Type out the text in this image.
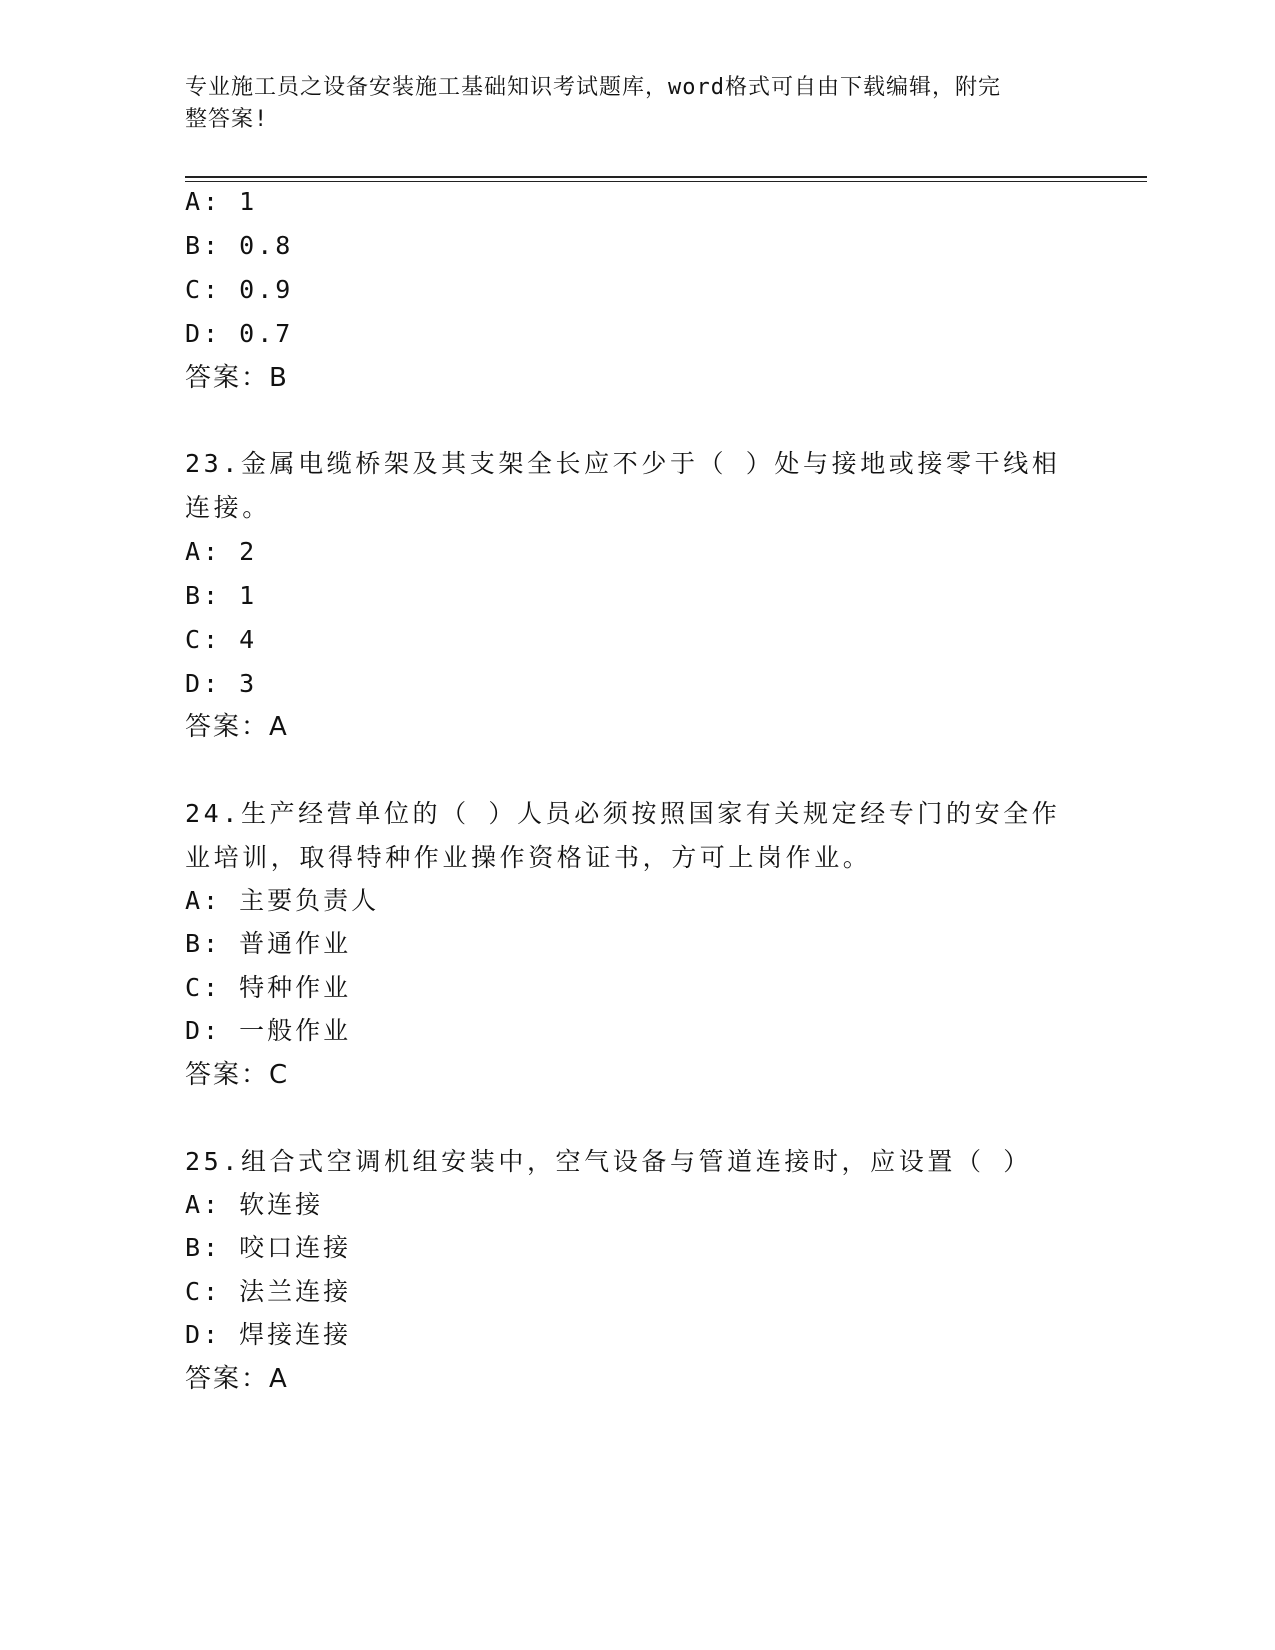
专业施工员之设备安装施工基础知识考试题库，word格式可自由下载编辑，附完
整答案!
A: 1
B: 0.8
C: 0.9
D: 0.7
答案：B
23.金属电缆桥架及其支架全长应不少于（ ）处与接地或接零干线相
连接。
A: 2
B: 1
C: 4
D: 3
答案：A
24.生产经营单位的（ ）人员必须按照国家有关规定经专门的安全作
业培训，取得特种作业操作资格证书，方可上岗作业。
A: 主要负责人
B: 普通作业
C: 特种作业
D: 一般作业
答案：C
25.组合式空调机组安装中，空气设备与管道连接时，应设置（ ）
A: 软连接
B: 咬口连接
C: 法兰连接
D: 焊接连接
答案：A
